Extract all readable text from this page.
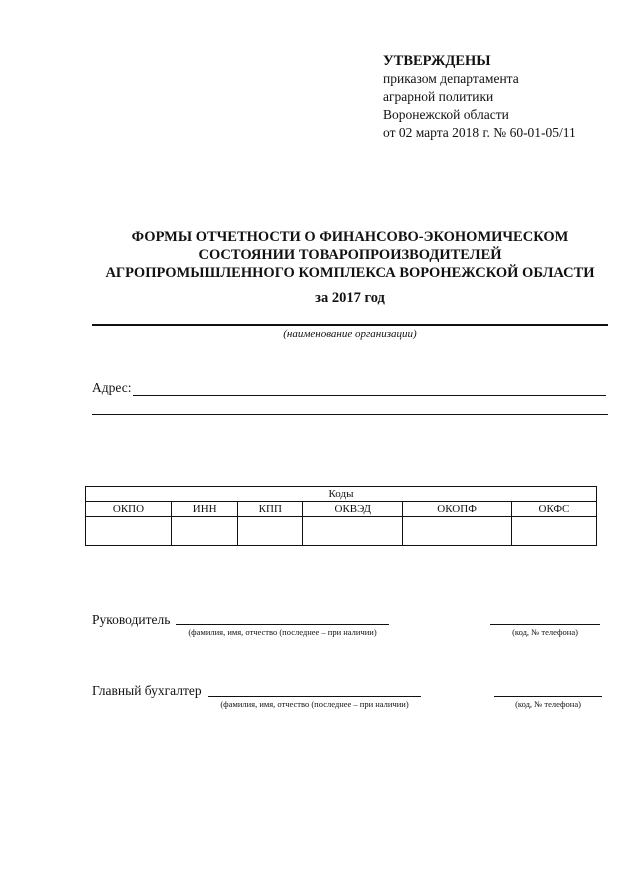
УТВЕРЖДЕНЫ
приказом департамента
аграрной политики
Воронежской области
от 02 марта 2018 г. № 60-01-05/11
ФОРМЫ ОТЧЕТНОСТИ О ФИНАНСОВО-ЭКОНОМИЧЕСКОМ
СОСТОЯНИИ ТОВАРОПРОИЗВОДИТЕЛЕЙ
АГРОПРОМЫШЛЕННОГО КОМПЛЕКСА ВОРОНЕЖСКОЙ ОБЛАСТИ
за 2017 год
(наименование организации)
Адрес:
Коды					
ОКПО	ИНН	КПП	ОКВЭД	ОКОПФ	ОКФС

Руководитель
(фамилия, имя, отчество (последнее – при наличии)	(код, № телефона)
Главный бухгалтер
(фамилия, имя, отчество (последнее – при наличии)	(код, № телефона)
